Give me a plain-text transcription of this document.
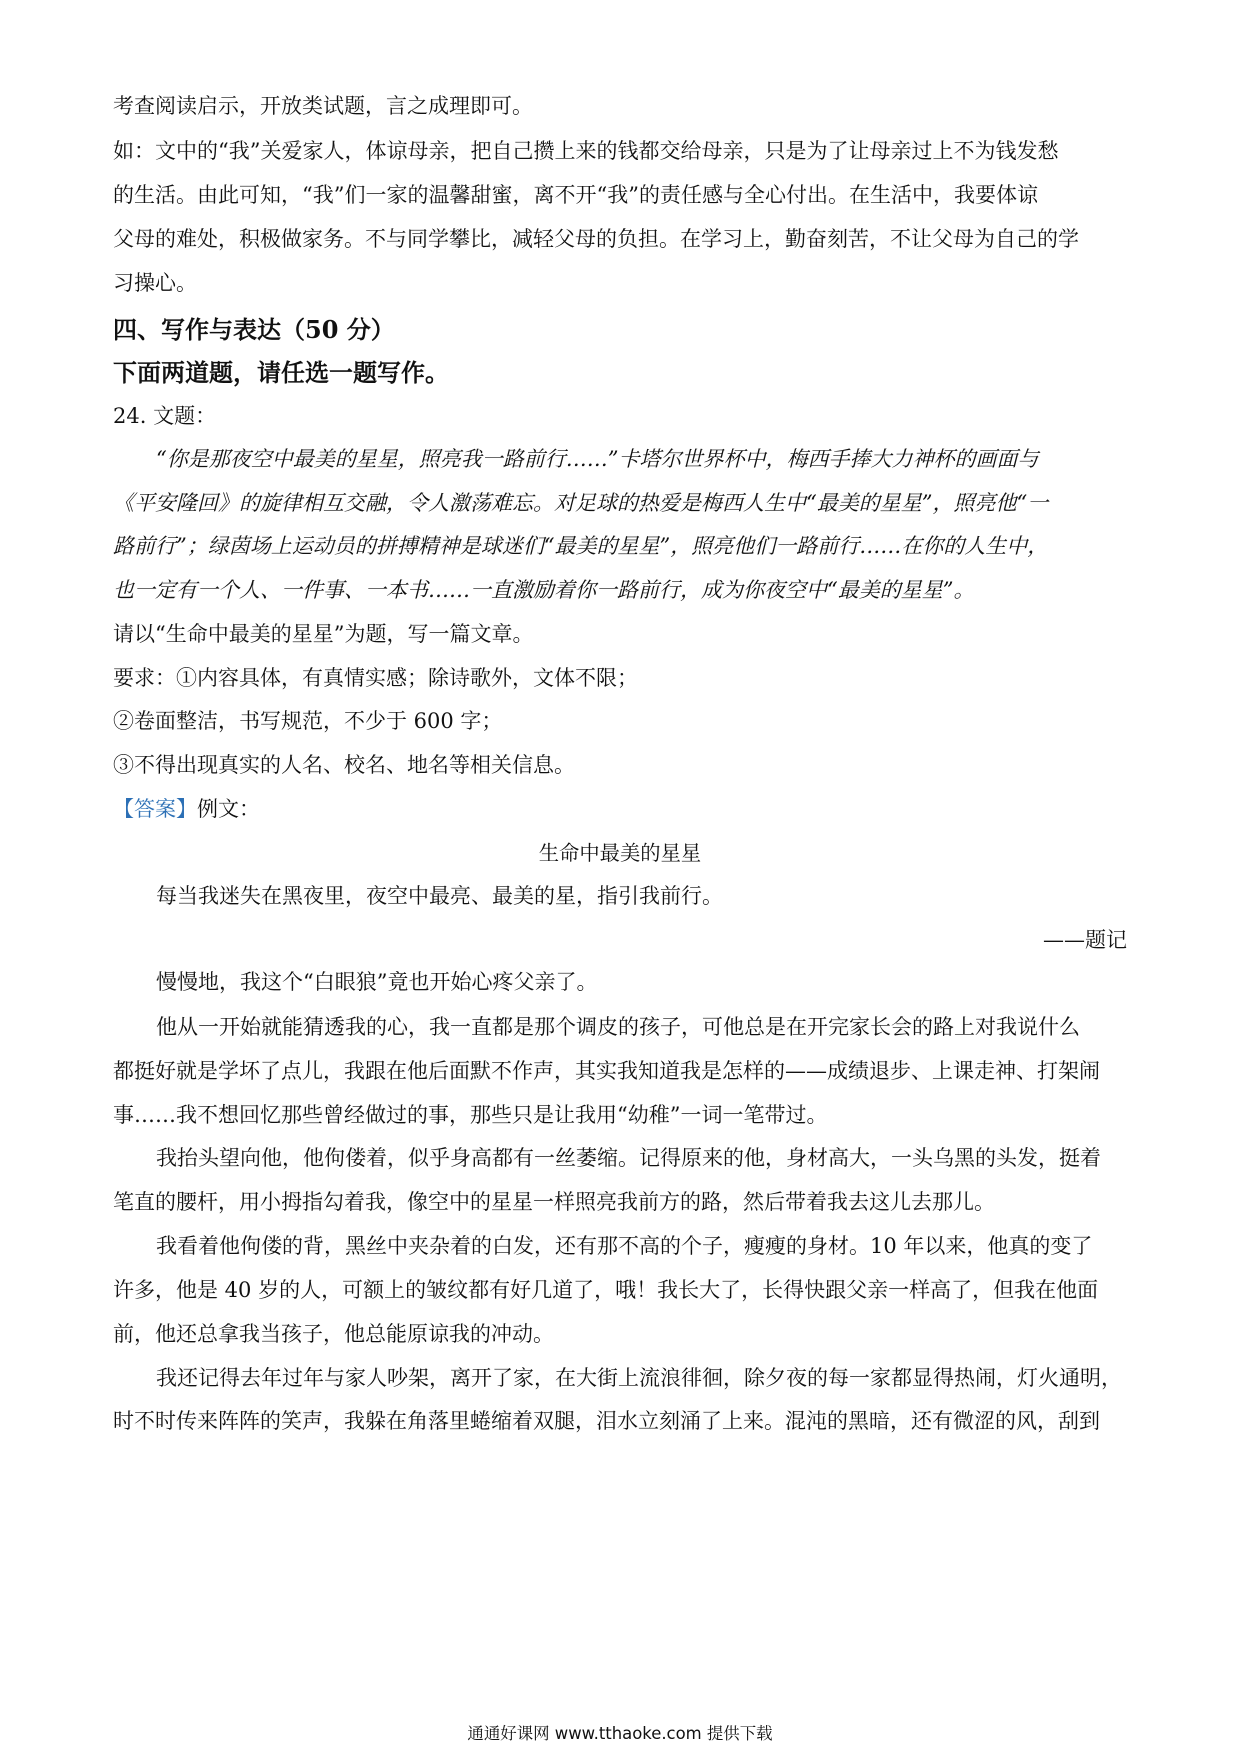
考查阅读启示，开放类试题，言之成理即可。
如：文中的“我”关爱家人，体谅母亲，把自己攒上来的钱都交给母亲，只是为了让母亲过上不为钱发愁
的生活。由此可知，“我”们一家的温馨甜蜜，离不开“我”的责任感与全心付出。在生活中，我要体谅
父母的难处，积极做家务。不与同学攀比，减轻父母的负担。在学习上，勤奋刻苦，不让父母为自己的学
习操心。
四、写作与表达（50 分）
下面两道题，请任选一题写作。
24. 文题：
“你是那夜空中最美的星星，照亮我一路前行……”卡塔尔世界杯中，梅西手捧大力神杯的画面与
《平安隆回》的旋律相互交融，令人激荡难忘。对足球的热爱是梅西人生中“最美的星星”，照亮他“一
路前行”；绿茵场上运动员的拼搏精神是球迷们“最美的星星”，照亮他们一路前行……在你的人生中，
也一定有一个人、一件事、一本书……一直激励着你一路前行，成为你夜空中“最美的星星”。
请以“生命中最美的星星”为题，写一篇文章。
要求：①内容具体，有真情实感；除诗歌外，文体不限；
②卷面整洁，书写规范，不少于 600 字；
③不得出现真实的人名、校名、地名等相关信息。
【答案】例文：
生命中最美的星星
每当我迷失在黑夜里，夜空中最亮、最美的星，指引我前行。
——题记
慢慢地，我这个“白眼狼”竟也开始心疼父亲了。
他从一开始就能猜透我的心，我一直都是那个调皮的孩子，可他总是在开完家长会的路上对我说什么
都挺好就是学坏了点儿，我跟在他后面默不作声，其实我知道我是怎样的——成绩退步、上课走神、打架闹
事……我不想回忆那些曾经做过的事，那些只是让我用“幼稚”一词一笔带过。
我抬头望向他，他佝偻着，似乎身高都有一丝萎缩。记得原来的他，身材高大，一头乌黑的头发，挺着
笔直的腰杆，用小拇指勾着我，像空中的星星一样照亮我前方的路，然后带着我去这儿去那儿。
我看着他佝偻的背，黑丝中夹杂着的白发，还有那不高的个子，瘦瘦的身材。10 年以来，他真的变了
许多，他是 40 岁的人，可额上的皱纹都有好几道了，哦！我长大了，长得快跟父亲一样高了，但我在他面
前，他还总拿我当孩子，他总能原谅我的冲动。
我还记得去年过年与家人吵架，离开了家，在大街上流浪徘徊，除夕夜的每一家都显得热闹，灯火通明，
时不时传来阵阵的笑声，我躲在角落里蜷缩着双腿，泪水立刻涌了上来。混沌的黑暗，还有微涩的风，刮到
通通好课网 www.tthaoke.com 提供下载
